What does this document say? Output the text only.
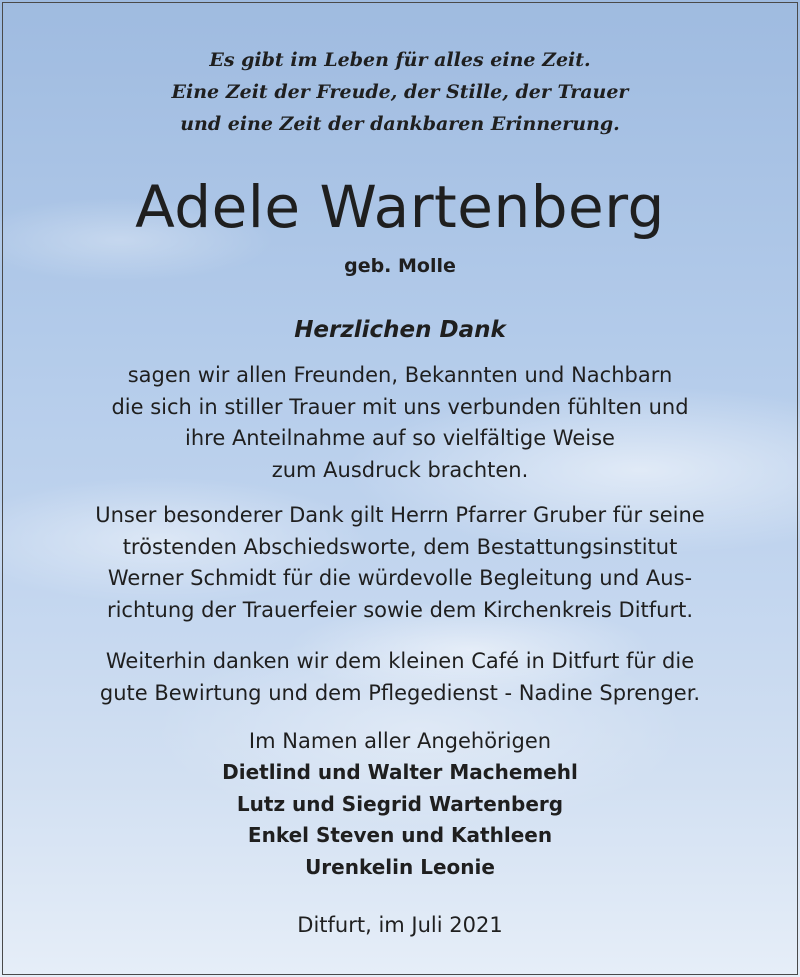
Es gibt im Leben für alles eine Zeit.
Eine Zeit der Freude, der Stille, der Trauer
und eine Zeit der dankbaren Erinnerung.
Adele Wartenberg
geb. Molle
Herzlichen Dank
sagen wir allen Freunden, Bekannten und Nachbarn
die sich in stiller Trauer mit uns verbunden fühlten und
ihre Anteilnahme auf so vielfältige Weise
zum Ausdruck brachten.
Unser besonderer Dank gilt Herrn Pfarrer Gruber für seine
tröstenden Abschiedsworte, dem Bestattungsinstitut
Werner Schmidt für die würdevolle Begleitung und Aus-
richtung der Trauerfeier sowie dem Kirchenkreis Ditfurt.
Weiterhin danken wir dem kleinen Café in Ditfurt für die
gute Bewirtung und dem Pflegedienst - Nadine Sprenger.
Im Namen aller Angehörigen
Dietlind und Walter Machemehl
Lutz und Siegrid Wartenberg
Enkel Steven und Kathleen
Urenkelin Leonie
Ditfurt, im Juli 2021
